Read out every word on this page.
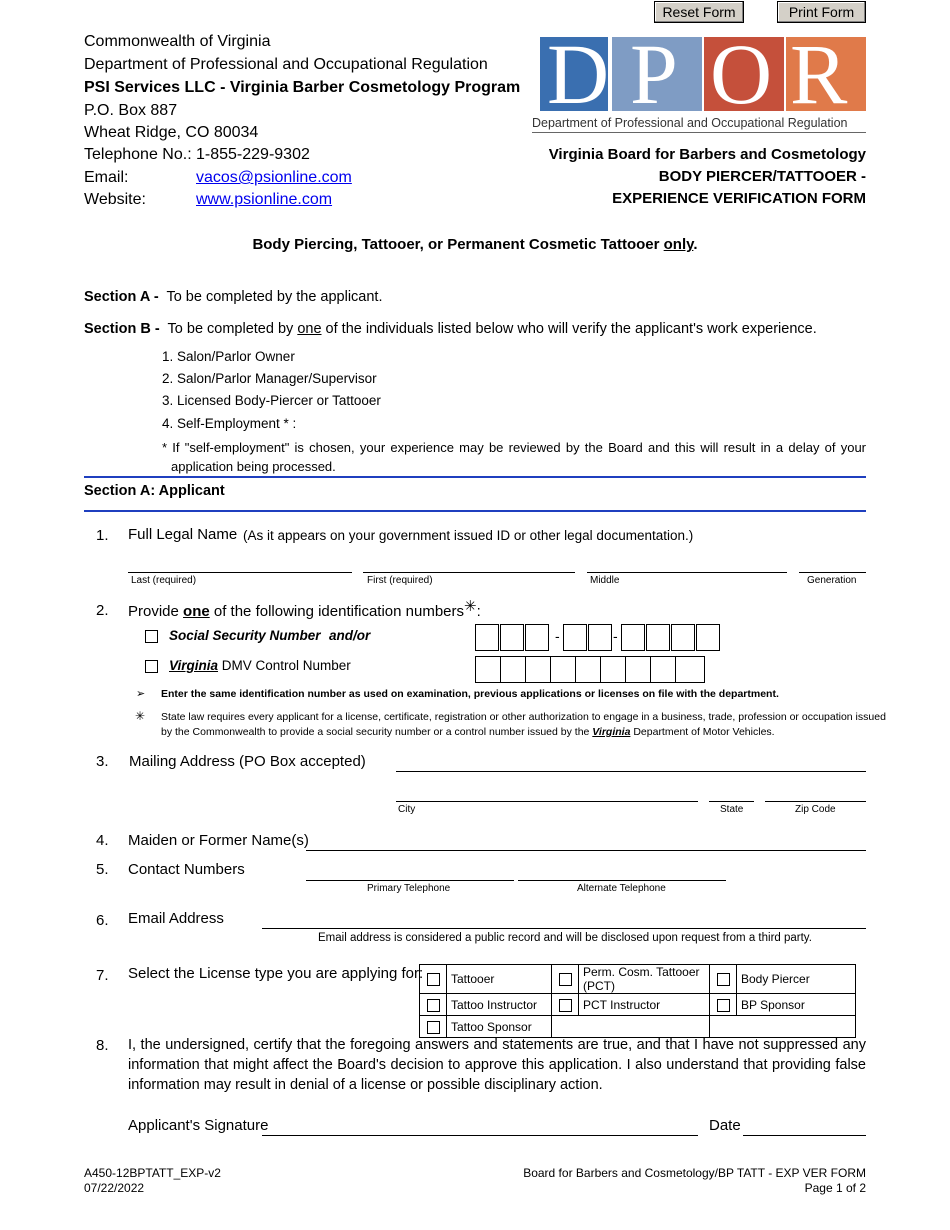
Reset Form	Print Form
Commonwealth of Virginia
Department of Professional and Occupational Regulation
PSI Services LLC - Virginia Barber Cosmetology Program
P.O. Box 887
Wheat Ridge, CO 80034
Telephone No.: 1-855-229-9302
Email:	vacos@psionline.com
Website:	www.psionline.com
D P O R
Department of Professional and Occupational Regulation
Virginia Board for Barbers and Cosmetology
BODY PIERCER/TATTOOER -
EXPERIENCE VERIFICATION FORM
Body Piercing, Tattooer, or Permanent Cosmetic Tattooer only.
Section A - To be completed by the applicant.
Section B - To be completed by one of the individuals listed below who will verify the applicant's work experience.
1. Salon/Parlor Owner
2. Salon/Parlor Manager/Supervisor
3. Licensed Body-Piercer or Tattooer
4. Self-Employment * :
* If "self-employment" is chosen, your experience may be reviewed by the Board and this will result in a delay of your
application being processed.
Section A: Applicant
1. Full Legal Name (As it appears on your government issued ID or other legal documentation.)
Last (required)	First (required)	Middle	Generation
2. Provide one of the following identification numbers✳:
Social Security Number and/or	-	-
Virginia DMV Control Number
➢ Enter the same identification number as used on examination, previous applications or licenses on file with the department.
✳ State law requires every applicant for a license, certificate, registration or other authorization to engage in a business, trade, profession or occupation issued
by the Commonwealth to provide a social security number or a control number issued by the Virginia Department of Motor Vehicles.
3. Mailing Address (PO Box accepted)
City	State	Zip Code
4. Maiden or Former Name(s)
5. Contact Numbers
Primary Telephone	Alternate Telephone
6. Email Address
Email address is considered a public record and will be disclosed upon request from a third party.
7. Select the License type you are applying for:
	Tattooer		Perm. Cosm. Tattooer (PCT)		Body Piercer
	Tattoo Instructor		PCT Instructor		BP Sponsor
	Tattoo Sponsor				
8. I, the undersigned, certify that the foregoing answers and statements are true, and that I have not suppressed any
information that might affect the Board's decision to approve this application. I also understand that providing false
information may result in denial of a license or possible disciplinary action.
Applicant's Signature	Date
A450-12BPTATT_EXP-v2
07/22/2022
Board for Barbers and Cosmetology/BP TATT - EXP VER FORM
Page 1 of 2
